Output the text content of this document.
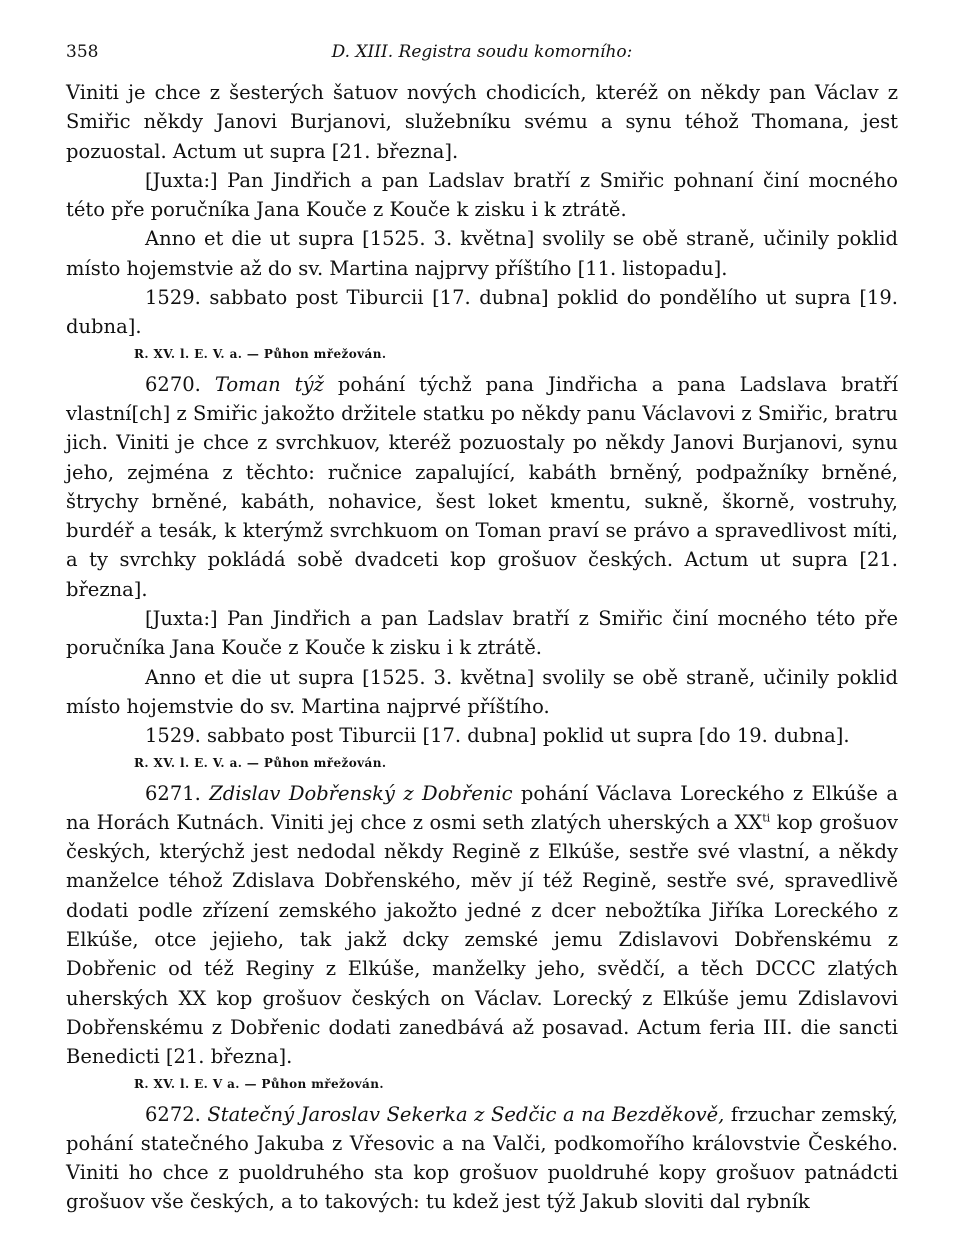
358	D. XIII. Registra soudu komorního:

Viniti je chce z šesterých šatuov nových chodicích, kteréž on někdy pan Václav z Smiřic někdy Janovi Burjanovi, služebníku svému a synu téhož Thomana, jest pozuostal. Actum ut supra [21. března].

[Juxta:] Pan Jindřich a pan Ladslav bratří z Smiřic pohnaní činí mocného této pře poručníka Jana Kouče z Kouče k zisku i k ztrátě.

Anno et die ut supra [1525. 3. května] svolily se obě straně, učinily poklid místo hojemstvie až do sv. Martina najprvy příštího [11. listopadu].

1529. sabbato post Tiburcii [17. dubna] poklid do pondělího ut supra [19. dubna].

R. XV. l. E. V. a. — Půhon mřežován.

6270. Toman týž pohání týchž pana Jindřicha a pana Ladslava bratří vlastní[ch] z Smiřic jakožto držitele statku po někdy panu Václavovi z Smiřic, bratru jich. Viniti je chce z svrchkuov, kteréž pozuostaly po někdy Janovi Burjanovi, synu jeho, zejména z těchto: ručnice zapalující, kabáth brněný, podpažníky brněné, štrychy brněné, kabáth, nohavice, šest loket kmentu, sukně, škorně, vostruhy, burdéř a tesák, k kterýmž svrchkuom on Toman praví se právo a spravedlivost míti, a ty svrchky pokládá sobě dvadceti kop grošuov českých. Actum ut supra [21. března].

[Juxta:] Pan Jindřich a pan Ladslav bratří z Smiřic činí mocného této pře poručníka Jana Kouče z Kouče k zisku i k ztrátě.

Anno et die ut supra [1525. 3. května] svolily se obě straně, učinily poklid místo hojemstvie do sv. Martina najprvé příštího.

1529. sabbato post Tiburcii [17. dubna] poklid ut supra [do 19. dubna].

R. XV. l. E. V. a. — Půhon mřežován.

6271. Zdislav Dobřenský z Dobřenic pohání Václava Loreckého z Elkúše a na Horách Kutnách. Viniti jej chce z osmi seth zlatých uherských a $XX^{ti}$ kop grošuov českých, kterýchž jest nedodal někdy Regině z Elkúše, sestře své vlastní, a někdy manželce téhož Zdislava Dobřenského, měv jí též Regině, sestře své, spravedlivě dodati podle zřízení zemského jakožto jedné z dcer nebožtíka Jiříka Loreckého z Elkúše, otce jejieho, tak jakž dcky zemské jemu Zdislavovi Dobřenskému z Dobřenic od též Reginy z Elkúše, manželky jeho, svědčí, a těch DCCC zlatých uherských XX kop grošuov českých on Václav. Lorecký z Elkúše jemu Zdislavovi Dobřenskému z Dobřenic dodati zanedbává až posavad. Actum feria III. die sancti Benedicti [21. března].

R. XV. l. E. V a. — Půhon mřežován.

6272. Statečný Jaroslav Sekerka z Sedčic a na Bezděkově, frzuchar zemský, pohání statečného Jakuba z Vřesovic a na Valči, podkomořího královstvie Českého. Viniti ho chce z puoldruhého sta kop grošuov puoldruhé kopy grošuov patnádcti grošuov vše českých, a to takových: tu kdež jest týž Jakub sloviti dal rybník
